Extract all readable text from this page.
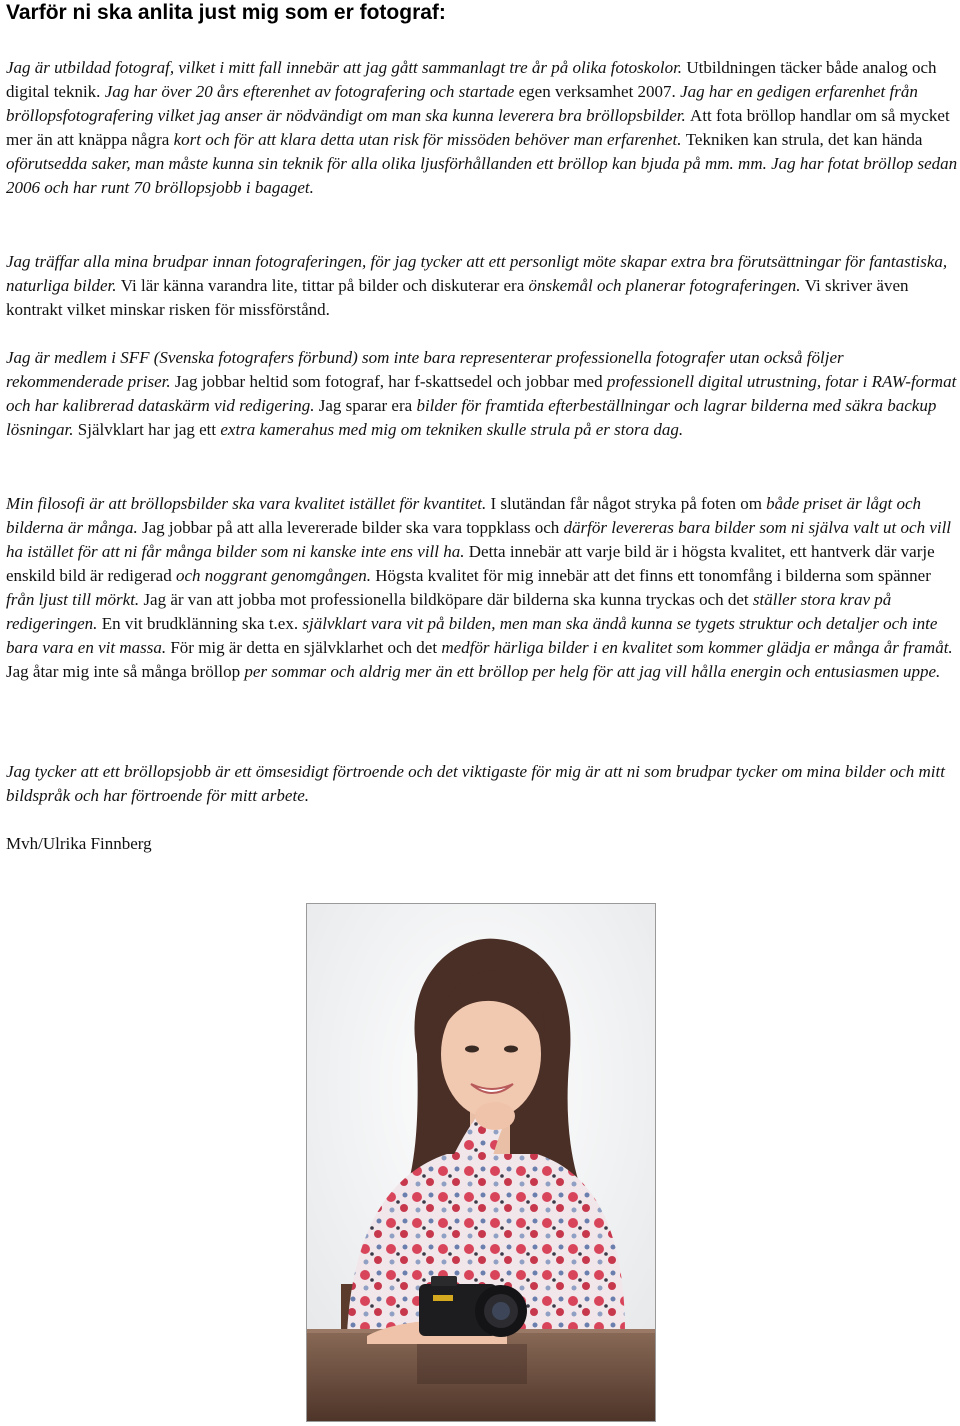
Varför ni ska anlita just mig som er fotograf:

Jag är utbildad fotograf, vilket i mitt fall innebär att jag gått sammanlagt tre år på olika fotoskolor. Utbildningen täcker både analog och digital teknik. Jag har över 20 års efterenhet av fotografering och startade egen verksamhet 2007. Jag har en gedigen erfarenhet från bröllopsfotografering vilket jag anser är nödvändigt om man ska kunna leverera bra bröllopsbilder. Att fota bröllop handlar om så mycket mer än att knäppa några kort och för att klara detta utan risk för missöden behöver man erfarenhet. Tekniken kan strula, det kan hända oförutsedda saker, man måste kunna sin teknik för alla olika ljusförhållanden ett bröllop kan bjuda på mm. mm. Jag har fotat bröllop sedan 2006 och har runt 70 bröllopsjobb i bagaget.

Jag träffar alla mina brudpar innan fotograferingen, för jag tycker att ett personligt möte skapar extra bra förutsättningar för fantastiska, naturliga bilder. Vi lär känna varandra lite, tittar på bilder och diskuterar era önskemål och planerar fotograferingen. Vi skriver även kontrakt vilket minskar risken för missförstånd.

Jag är medlem i SFF (Svenska fotografers förbund) som inte bara representerar professionella fotografer utan också följer rekommenderade priser. Jag jobbar heltid som fotograf, har f-skattsedel och jobbar med professionell digital utrustning, fotar i RAW-format och har kalibrerad dataskärm vid redigering. Jag sparar era bilder för framtida efterbeställningar och lagrar bilderna med säkra backup lösningar. Självklart har jag ett extra kamerahus med mig om tekniken skulle strula på er stora dag.

Min filosofi är att bröllopsbilder ska vara kvalitet istället för kvantitet. I slutändan får något stryka på foten om både priset är lågt och bilderna är många. Jag jobbar på att alla levererade bilder ska vara toppklass och därför levereras bara bilder som ni själva valt ut och vill ha istället för att ni får många bilder som ni kanske inte ens vill ha. Detta innebär att varje bild är i högsta kvalitet, ett hantverk där varje enskild bild är redigerad och noggrant genomgången. Högsta kvalitet för mig innebär att det finns ett tonomfång i bilderna som spänner från ljust till mörkt. Jag är van att jobba mot professionella bildköpare där bilderna ska kunna tryckas och det ställer stora krav på redigeringen. En vit brudklänning ska t.ex. självklart vara vit på bilden, men man ska ändå kunna se tygets struktur och detaljer och inte bara vara en vit massa. För mig är detta en självklarhet och det medför härliga bilder i en kvalitet som kommer glädja er många år framåt. Jag åtar mig inte så många bröllop per sommar och aldrig mer än ett bröllop per helg för att jag vill hålla energin och entusiasmen uppe.

Jag tycker att ett bröllopsjobb är ett ömsesidigt förtroende och det viktigaste för mig är att ni som brudpar tycker om mina bilder och mitt bildspråk och har förtroende för mitt arbete.

Mvh/Ulrika Finnberg
